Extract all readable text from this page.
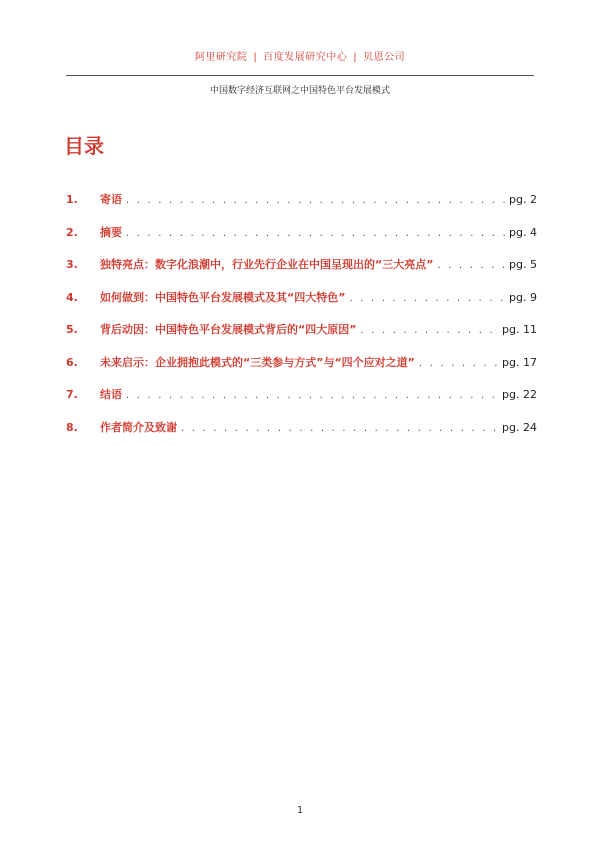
阿里研究院 | 百度发展研究中心 | 贝恩公司
中国数字经济互联网之中国特色平台发展模式
目录
1.	寄语 . . .	pg. 2
2.	摘要 . . .	pg. 4
3.	独特亮点：数字化浪潮中，行业先行企业在中国呈现出的“三大亮点” . . .	pg. 5
4.	如何做到：中国特色平台发展模式及其“四大特色” . . .	pg. 9
5.	背后动因：中国特色平台发展模式背后的“四大原因” . . .	pg. 11
6.	未来启示：企业拥抱此模式的“三类参与方式”与“四个应对之道” . . .	pg. 17
7.	结语 . . .	pg. 22
8.	作者简介及致谢 . . .	pg. 24
1
